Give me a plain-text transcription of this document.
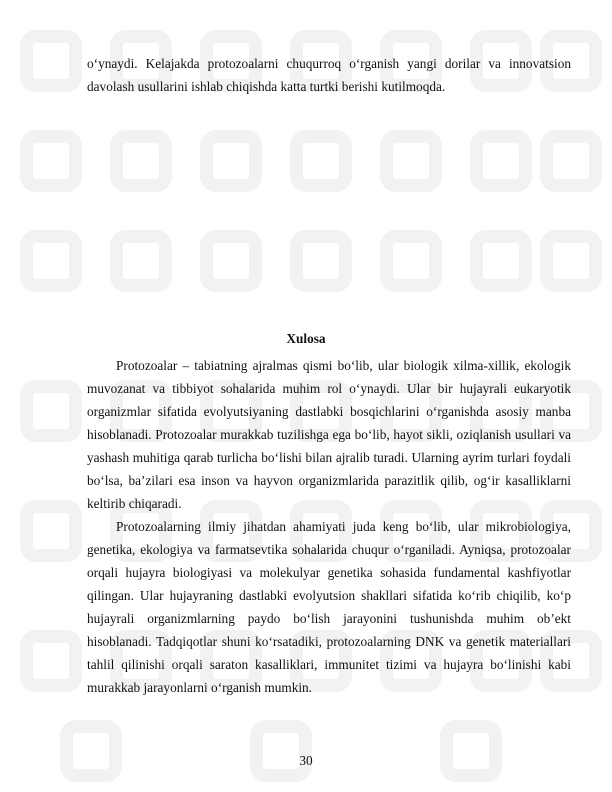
o‘ynaydi. Kelajakda protozoalarni chuqurroq o‘rganish yangi dorilar va innovatsion davolash usullarini ishlab chiqishda katta turtki berishi kutilmoqda.

Xulosa

Protozoalar – tabiatning ajralmas qismi bo‘lib, ular biologik xilma-xillik, ekologik muvozanat va tibbiyot sohalarida muhim rol o‘ynaydi. Ular bir hujayrali eukaryotik organizmlar sifatida evolyutsiyaning dastlabki bosqichlarini o‘rganishda asosiy manba hisoblanadi. Protozoalar murakkab tuzilishga ega bo‘lib, hayot sikli, oziqlanish usullari va yashash muhitiga qarab turlicha bo‘lishi bilan ajralib turadi. Ularning ayrim turlari foydali bo‘lsa, ba’zilari esa inson va hayvon organizmlarida parazitlik qilib, og‘ir kasalliklarni keltirib chiqaradi.

Protozoalarning ilmiy jihatdan ahamiyati juda keng bo‘lib, ular mikrobiologiya, genetika, ekologiya va farmatsevtika sohalarida chuqur o‘rganiladi. Ayniqsa, protozoalar orqali hujayra biologiyasi va molekulyar genetika sohasida fundamental kashfiyotlar qilingan. Ular hujayraning dastlabki evolyutsion shakllari sifatida ko‘rib chiqilib, ko‘p hujayrali organizmlarning paydo bo‘lish jarayonini tushunishda muhim ob’ekt hisoblanadi. Tadqiqotlar shuni ko‘rsatadiki, protozoalarning DNK va genetik materiallari tahlil qilinishi orqali saraton kasalliklari, immunitet tizimi va hujayra bo‘linishi kabi murakkab jarayonlarni o‘rganish mumkin.

30
